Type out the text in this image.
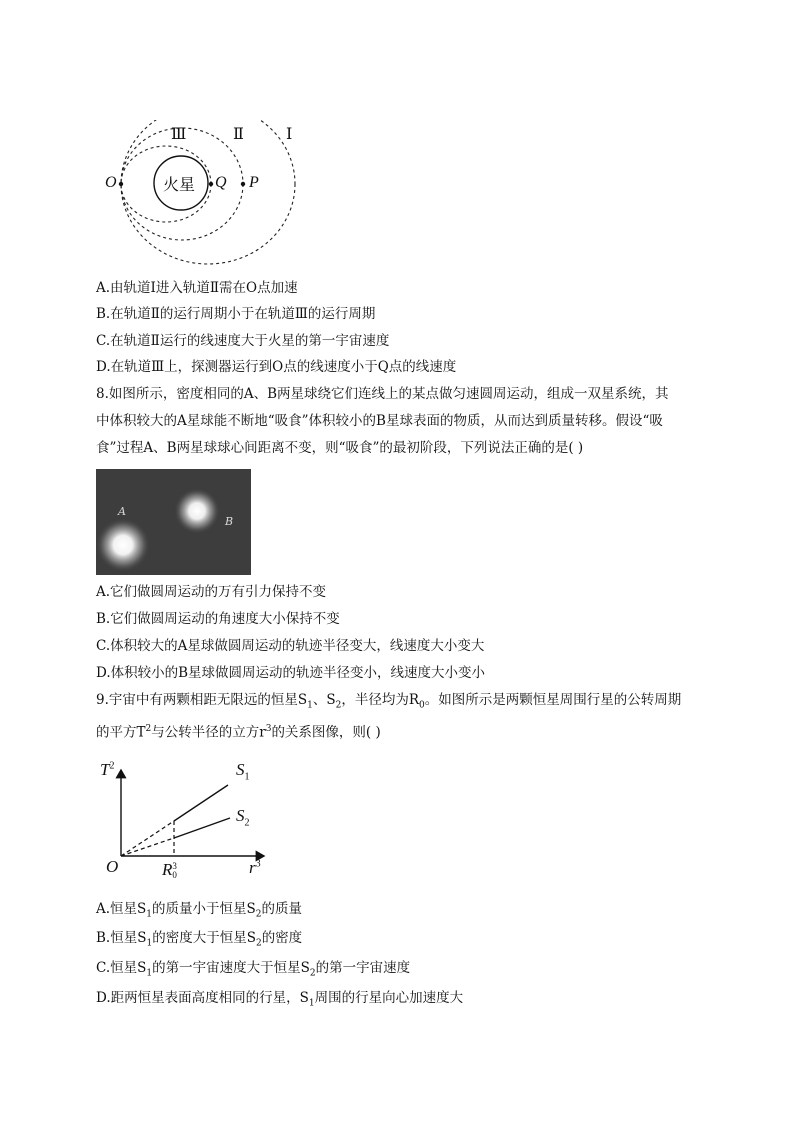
Ⅲ	Ⅱ	Ⅰ
火星
O	Q P
A.由轨道Ⅰ进入轨道Ⅱ需在O点加速
B.在轨道Ⅱ的运行周期小于在轨道Ⅲ的运行周期
C.在轨道Ⅱ运行的线速度大于火星的第一宇宙速度
D.在轨道Ⅲ上，探测器运行到O点的线速度小于Q点的线速度
8.如图所示，密度相同的A、B两星球绕它们连线上的某点做匀速圆周运动，组成一双星系统，其
中体积较大的A星球能不断地“吸食”体积较小的B星球表面的物质，从而达到质量转移。假设“吸
食”过程A、B两星球球心间距离不变，则“吸食”的最初阶段，下列说法正确的是( )
A
B
A.它们做圆周运动的万有引力保持不变
B.它们做圆周运动的角速度大小保持不变
C.体积较大的A星球做圆周运动的轨迹半径变大，线速度大小变大
D.体积较小的B星球做圆周运动的轨迹半径变小，线速度大小变小
9.宇宙中有两颗相距无限远的恒星$S_1$、$S_2$，半径均为$R_0$。如图所示是两颗恒星周围行星的公转周期
的平方$T^2$与公转半径的立方$r^3$的关系图像，则( )
$T^2$	$S_1$
$S_2$
O	R 3
0	$r^3$
A.恒星$S_1$的质量小于恒星$S_2$的质量
B.恒星$S_1$的密度大于恒星$S_2$的密度
C.恒星$S_1$的第一宇宙速度大于恒星$S_2$的第一宇宙速度
D.距两恒星表面高度相同的行星，$S_1$周围的行星向心加速度大
